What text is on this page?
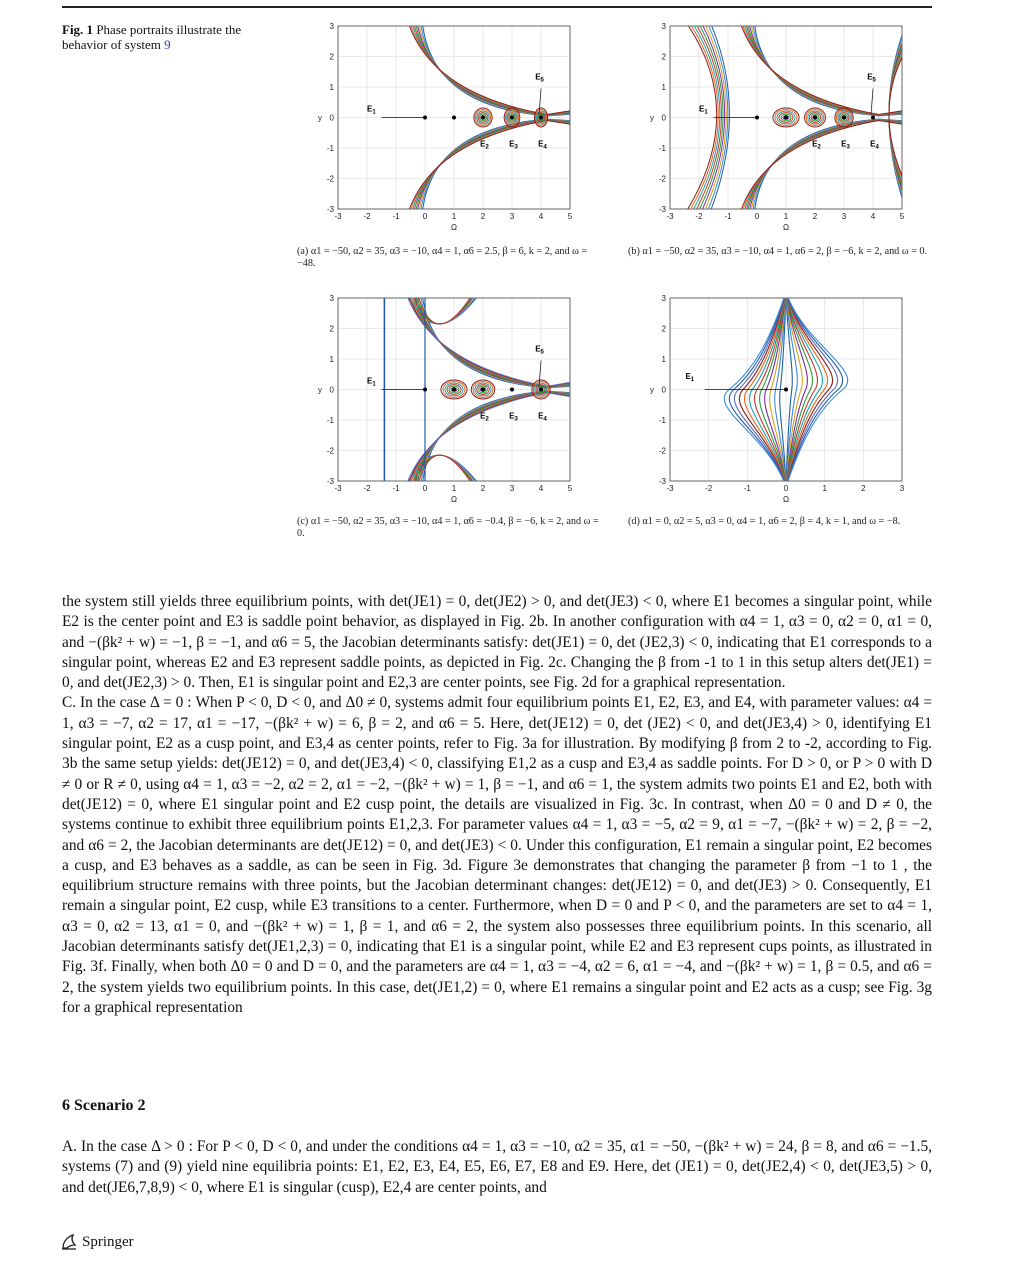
Fig. 1 Phase portraits illustrate the behavior of system 9
-3	-2	-1	0	1	2	3	4	5
3
2
1
0
-1
-2
-3
Ω
y
$E_1$
$E_2$	$E_3$	$E_4$
$E_5$
(a) α1 = −50, α2 = 35, α3 = −10, α4 = 1, α6 = 2.5, β = 6, k = 2, and ω = −48.
-3	-2	-1	0	1	2	3	4	5
3
2
1
0
-1
-2
-3
Ω
y
$E_1$
$E_2$	$E_3$	$E_4$
$E_5$
(b) α1 = −50, α2 = 35, α3 = −10, α4 = 1, α6 = 2, β = −6, k = 2, and ω = 0.
-3	-2	-1	0	1	2	3	4	5
3
2
1
0
-1
-2
-3
Ω
y
$E_1$
$E_2$	$E_3$	$E_4$
$E_5$
(c) α1 = −50, α2 = 35, α3 = −10, α4 = 1, α6 = −0.4, β = −6, k = 2, and ω = 0.
-3	-2	-1	0	1	2	3
3
2
1
0
-1
-2
-3
Ω
y
$E_1$
(d) α1 = 0, α2 = 5, α3 = 0, α4 = 1, α6 = 2, β = 4, k = 1, and ω = −8.

the system still yields three equilibrium points, with det(JE1) = 0, det(JE2) > 0, and det(JE3) < 0, where E1 becomes a singular point, while E2 is the center point and E3 is saddle point behavior, as displayed in Fig. 2b. In another configuration with α4 = 1, α3 = 0, α2 = 0, α1 = 0, and −(βk² + w) = −1, β = −1, and α6 = 5, the Jacobian determinants satisfy: det(JE1) = 0, det (JE2,3) < 0, indicating that E1 corresponds to a singular point, whereas E2 and E3 represent saddle points, as depicted in Fig. 2c. Changing the β from -1 to 1 in this setup alters det(JE1) = 0, and det(JE2,3) > 0. Then, E1 is singular point and E2,3 are center points, see Fig. 2d for a graphical representation.

C. In the case Δ = 0 : When P < 0, D < 0, and Δ0 ≠ 0, systems admit four equilibrium points E1, E2, E3, and E4, with parameter values: α4 = 1, α3 = −7, α2 = 17, α1 = −17, −(βk² + w) = 6, β = 2, and α6 = 5. Here, det(JE12) = 0, det (JE2) < 0, and det(JE3,4) > 0, identifying E1 singular point, E2 as a cusp point, and E3,4 as center points, refer to Fig. 3a for illustration. By modifying β from 2 to -2, according to Fig. 3b the same setup yields: det(JE12) = 0, and det(JE3,4) < 0, classifying E1,2 as a cusp and E3,4 as saddle points. For D > 0, or P > 0 with D ≠ 0 or R ≠ 0, using α4 = 1, α3 = −2, α2 = 2, α1 = −2, −(βk² + w) = 1, β = −1, and α6 = 1, the system admits two points E1 and E2, both with det(JE12) = 0, where E1 singular point and E2 cusp point, the details are visualized in Fig. 3c. In contrast, when Δ0 = 0 and D ≠ 0, the systems continue to exhibit three equilibrium points E1,2,3. For parameter values α4 = 1, α3 = −5, α2 = 9, α1 = −7, −(βk² + w) = 2, β = −2, and α6 = 2, the Jacobian determinants are det(JE12) = 0, and det(JE3) < 0. Under this configuration, E1 remain a singular point, E2 becomes a cusp, and E3 behaves as a saddle, as can be seen in Fig. 3d. Figure 3e demonstrates that changing the parameter β from −1 to 1 , the equilibrium structure remains with three points, but the Jacobian determinant changes: det(JE12) = 0, and det(JE3) > 0. Consequently, E1 remain a singular point, E2 cusp, while E3 transitions to a center. Furthermore, when D = 0 and P < 0, and the parameters are set to α4 = 1, α3 = 0, α2 = 13, α1 = 0, and −(βk² + w) = 1, β = 1, and α6 = 2, the system also possesses three equilibrium points. In this scenario, all Jacobian determinants satisfy det(JE1,2,3) = 0, indicating that E1 is a singular point, while E2 and E3 represent cups points, as illustrated in Fig. 3f. Finally, when both Δ0 = 0 and D = 0, and the parameters are α4 = 1, α3 = −4, α2 = 6, α1 = −4, and −(βk² + w) = 1, β = 0.5, and α6 = 2, the system yields two equilibrium points. In this case, det(JE1,2) = 0, where E1 remains a singular point and E2 acts as a cusp; see Fig. 3g for a graphical representation

6 Scenario 2
A. In the case Δ > 0 : For P < 0, D < 0, and under the conditions α4 = 1, α3 = −10, α2 = 35, α1 = −50, −(βk² + w) = 24, β = 8, and α6 = −1.5, systems (7) and (9) yield nine equilibria points: E1, E2, E3, E4, E5, E6, E7, E8 and E9. Here, det (JE1) = 0, det(JE2,4) < 0, det(JE3,5) > 0, and det(JE6,7,8,9) < 0, where E1 is singular (cusp), E2,4 are center points, and
Springer
